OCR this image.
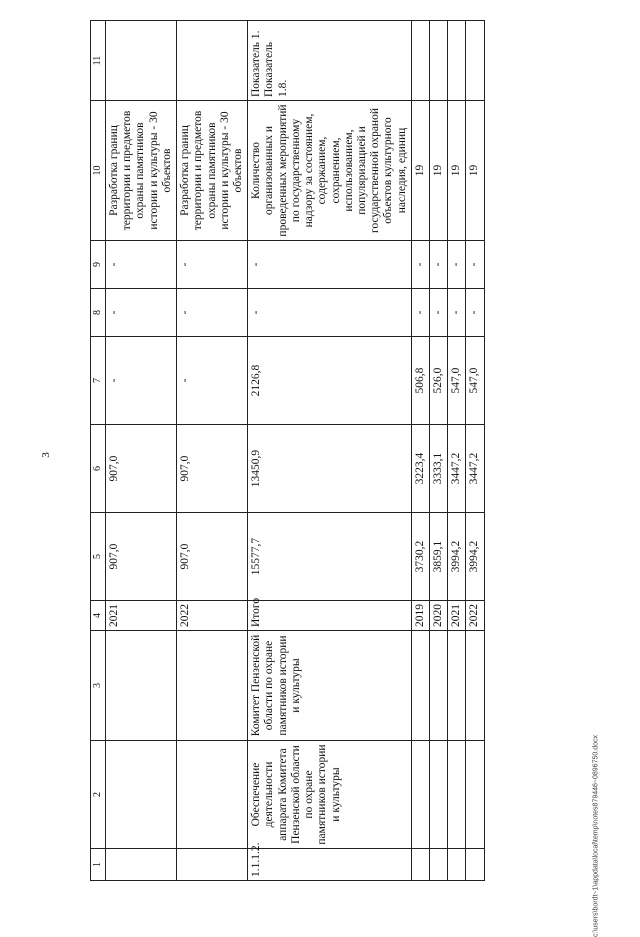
3
1	2	3	4	5	6	7	8	9	10	11
			2021	907,0	907,0	-	-	-	Разработка границ территории и предметов охраны памятников истории и культуры - 30 объектов	
			2022	907,0	907,0	-	-	-	Разработка границ территории и предметов охраны памятников истории и культуры - 30 объектов	
1.1.1.2.	Обеспечение деятельности аппарата Комитета Пензенской области по охране памятников истории и культуры	Комитет Пензенской области по охране памятников истории и культуры	Итого	15577,7	13450,9	2126,8	-	-	Количество организованных и проведенных мероприятий по государственному надзору за состоянием, содержанием, сохранением, использованием, популяризацией и государственной охраной объектов культурного наследия, единиц	Показатель 1. Показатель 1.8.
			2019	3730,2	3223,4	506,8	-	-	19	
			2020	3859,1	3333,1	526,0	-	-	19	
			2021	3994,2	3447,2	547,0	-	-	19	
			2022	3994,2	3447,2	547,0	-	-	19	
c:\users\bordt~1\appdata\local\temp\notes879446~0896750.docx
